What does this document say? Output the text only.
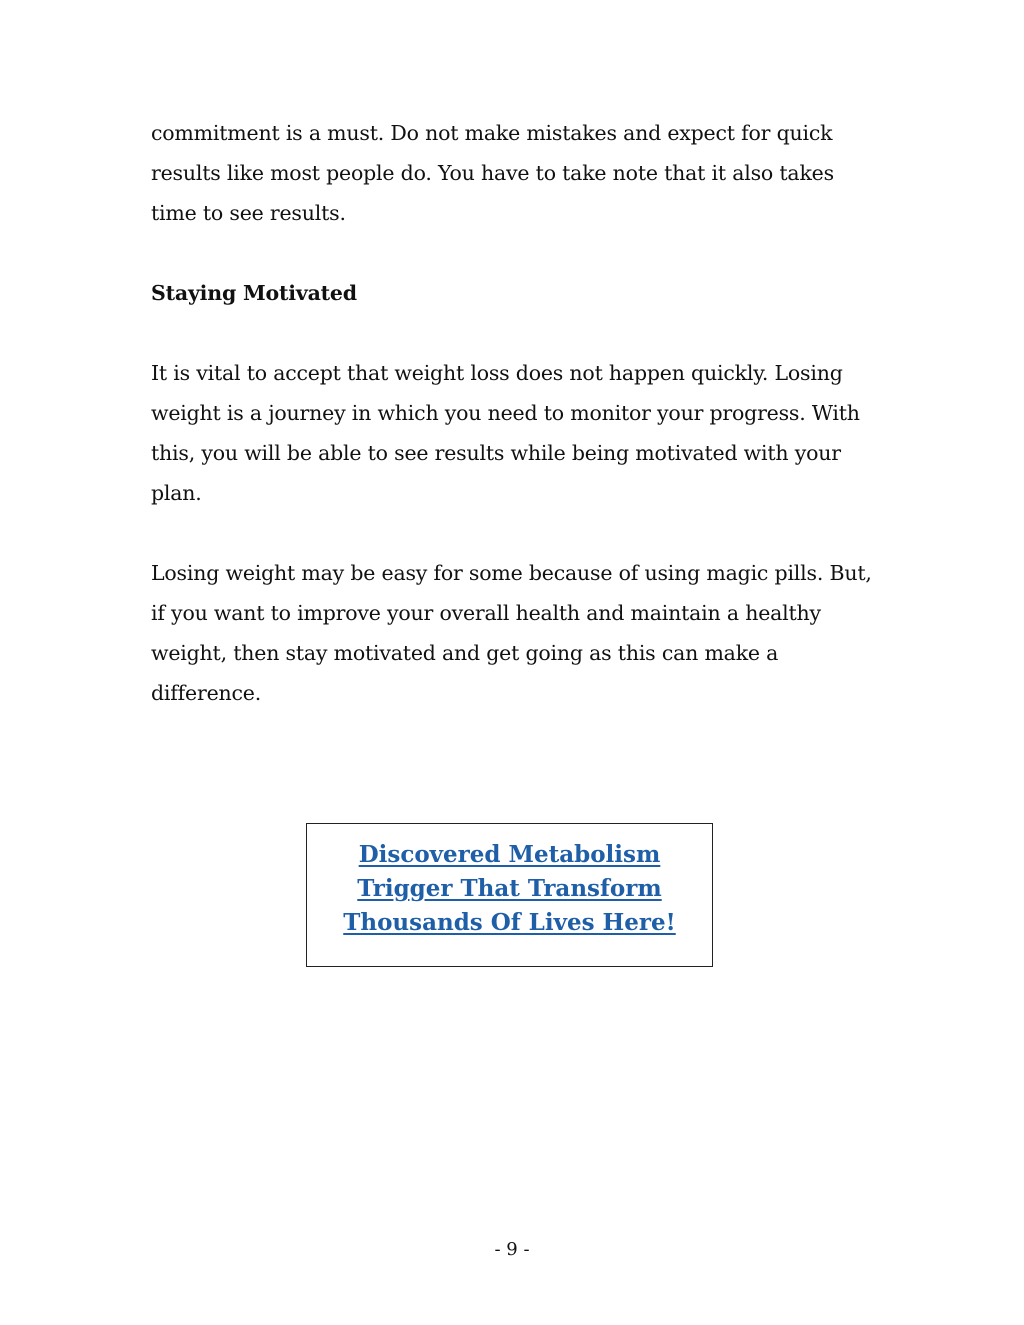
commitment is a must. Do not make mistakes and expect for quick
results like most people do. You have to take note that it also takes
time to see results.

Staying Motivated

It is vital to accept that weight loss does not happen quickly. Losing
weight is a journey in which you need to monitor your progress. With
this, you will be able to see results while being motivated with your
plan.

Losing weight may be easy for some because of using magic pills. But,
if you want to improve your overall health and maintain a healthy
weight, then stay motivated and get going as this can make a
difference.

Discovered Metabolism
Trigger That Transform
Thousands Of Lives Here!

- 9 -
